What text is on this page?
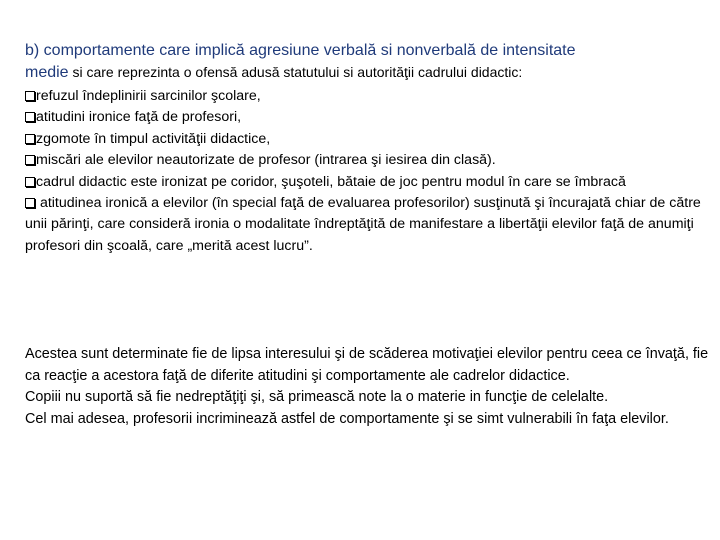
b) comportamente care implică agresiune verbală si nonverbală de intensitate
medie si care reprezinta o ofensă adusă statutului si autorităţii cadrului didactic:

refuzul îndeplinirii sarcinilor şcolare,

atitudini ironice faţă de profesori,

zgomote în timpul activităţii didactice,

miscări ale elevilor neautorizate de profesor (intrarea şi iesirea din clasă).

cadrul didactic este ironizat pe coridor, şuşoteli, bătaie de joc pentru modul în care se îmbracă

atitudinea ironică a elevilor (în special faţă de evaluarea profesorilor) susţinută şi încurajată chiar de către unii părinţi, care consideră ironia o modalitate îndreptăţită de manifestare a libertăţii elevilor faţă de anumiţi profesori din şcoală, care „merită acest lucru”.

Acestea sunt determinate fie de lipsa interesului şi de scăderea motivaţiei elevilor pentru ceea ce învaţă, fie ca reacţie a acestora faţă de diferite atitudini şi comportamente ale cadrelor didactice.

Copiii nu suportă să fie nedreptăţiţi şi, să primească note la o materie in funcţie de celelalte.

Cel mai adesea, profesorii incriminează astfel de comportamente şi se simt vulnerabili în faţa elevilor.
